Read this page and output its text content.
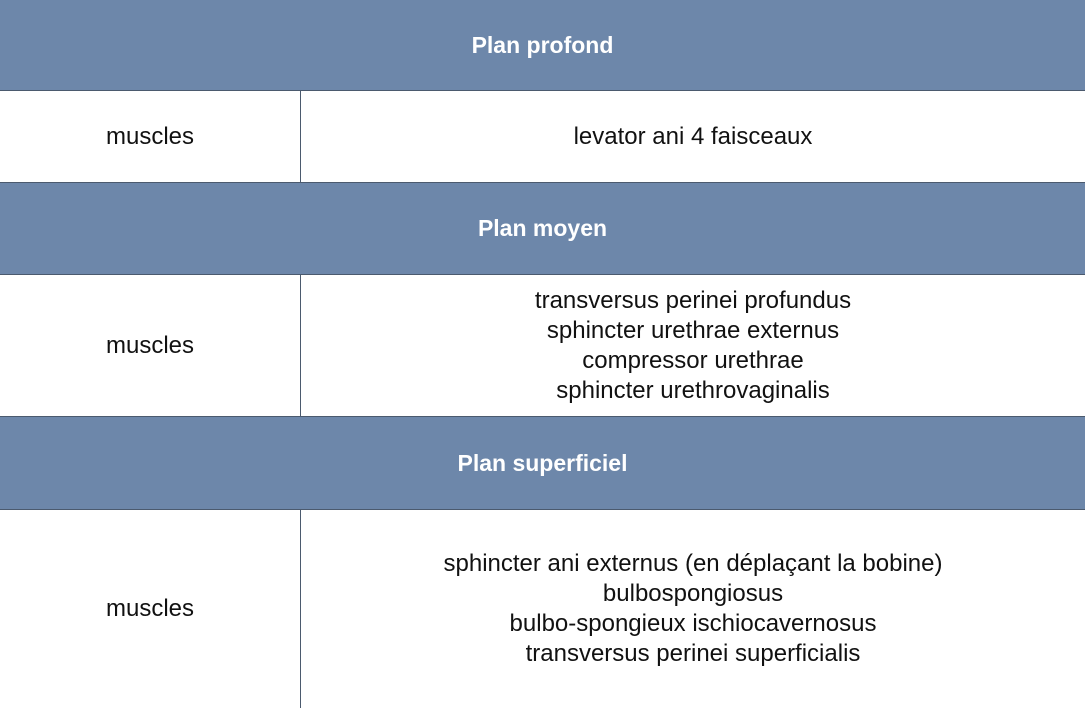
Plan profond
muscles	levator ani 4 faisceaux
Plan moyen
muscles
transversus perinei profundus
sphincter urethrae externus
compressor urethrae
sphincter urethrovaginalis
Plan superficiel
muscles
sphincter ani externus (en déplaçant la bobine)
bulbospongiosus
bulbo-spongieux ischiocavernosus
transversus perinei superficialis
